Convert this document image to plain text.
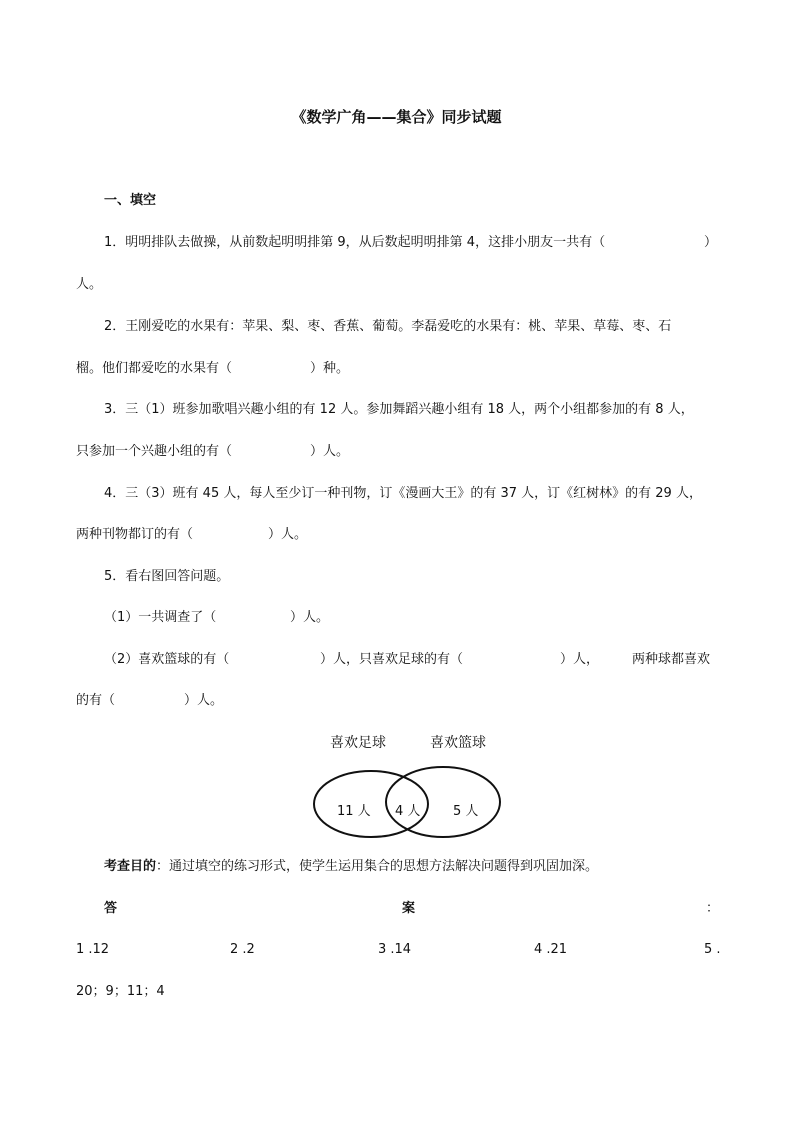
《数学广角——集合》同步试题
一、填空
1．明明排队去做操，从前数起明明排第 9，从后数起明明排第 4，这排小朋友一共有（	）
人。
2．王刚爱吃的水果有：苹果、梨、枣、香蕉、葡萄。李磊爱吃的水果有：桃、苹果、草莓、枣、石
榴。他们都爱吃的水果有（	）种。
3．三（1）班参加歌唱兴趣小组的有 12 人。参加舞蹈兴趣小组有 18 人，两个小组都参加的有 8 人，
只参加一个兴趣小组的有（	）人。
4．三（3）班有 45 人，每人至少订一种刊物，订《漫画大王》的有 37 人，订《红树林》的有 29 人，
两种刊物都订的有（	）人。
5．看右图回答问题。
（1）一共调查了（	）人。
（2）喜欢篮球的有（	）人，只喜欢足球的有（	）人，	两种球都喜欢
的有（	）人。
喜欢足球	喜欢篮球
11 人 4 人	5 人
考查目的：通过填空的练习形式，使学生运用集合的思想方法解决问题得到巩固加深。
答	案	：
1 .12	2 .2	3 .14	4 .21	5 .
20；9；11；4
